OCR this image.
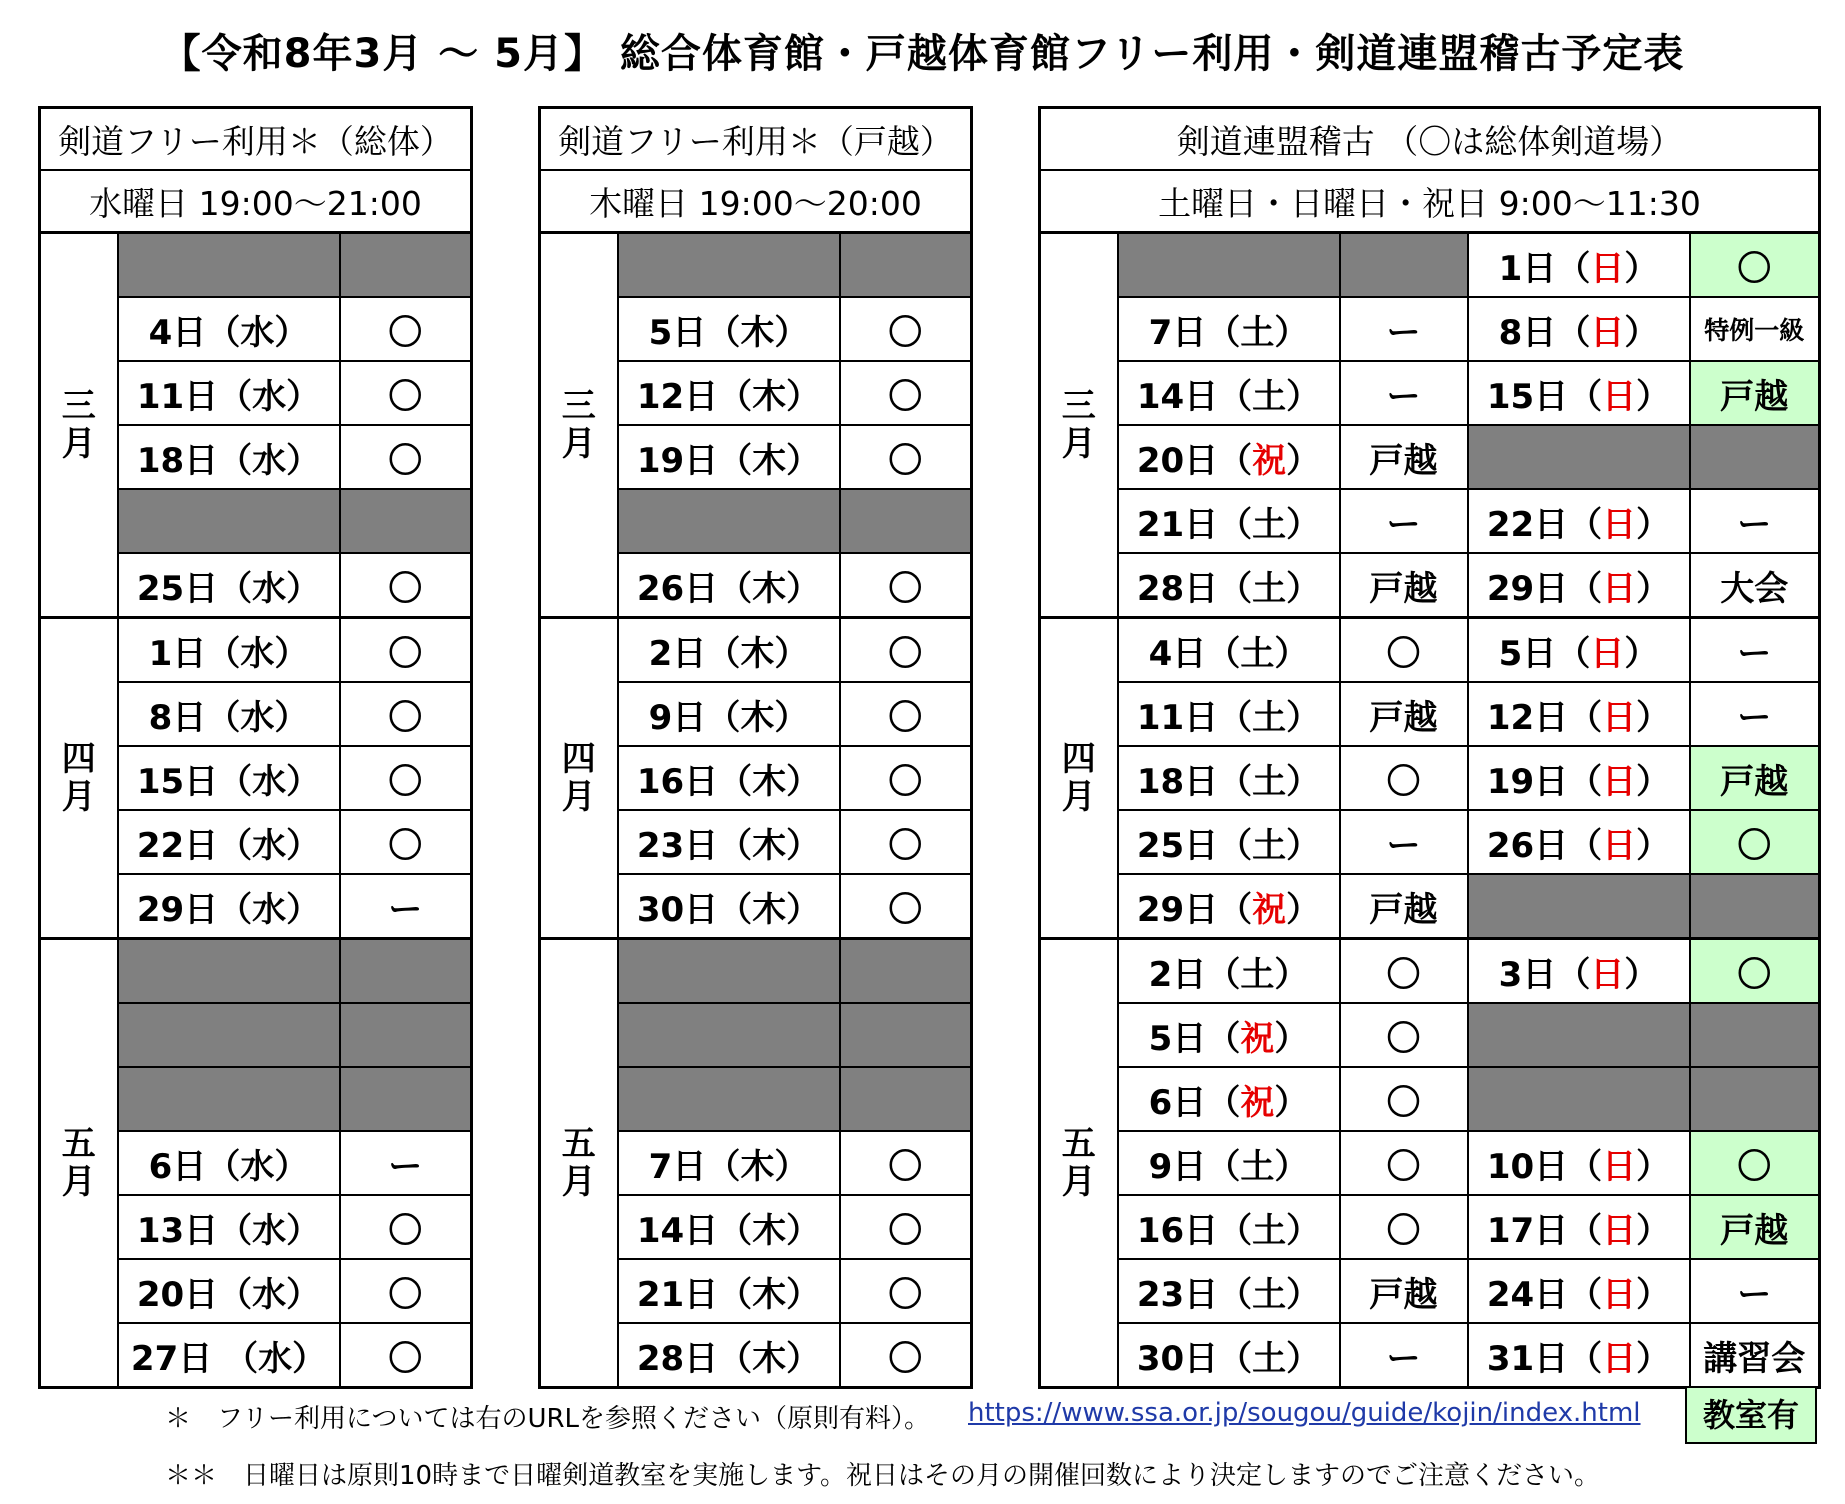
【令和8年3月 ～ 5月】 総合体育館・戸越体育館フリー利用・剣道連盟稽古予定表
剣道フリー利用＊（総体）		
水曜日 19:00～21:00		
三
月		
	4日（水）	〇
	11日（水）	〇
	18日（水）	〇

	25日（水）	〇
四
月	1日（水）	〇
	8日（水）	〇
	15日（水）	〇
	22日（水）	〇
	29日（水）	ー
五
月		

	6日（水）	ー
	13日（水）	〇
	20日（水）	〇
	27日 （水）	〇
剣道フリー利用＊（戸越）		
木曜日 19:00～20:00		
三
月		
	5日（木）	〇
	12日（木）	〇
	19日（木）	〇

	26日（木）	〇
四
月	2日（木）	〇
	9日（木）	〇
	16日（木）	〇
	23日（木）	〇
	30日（木）	〇
五
月		

	7日（木）	〇
	14日（木）	〇
	21日（木）	〇
	28日（木）	〇
剣道連盟稽古 （〇は総体剣道場）				
土曜日・日曜日・祝日 9:00～11:30				
三
月			1日（日）	〇
	7日（土）	ー	8日（日）	特例一級
	14日（土）	ー	15日（日）	戸越
	20日（祝）	戸越		
	21日（土）	ー	22日（日）	ー
	28日（土）	戸越	29日（日）	大会
四
月	4日（土）	〇	5日（日）	ー
	11日（土）	戸越	12日（日）	ー
	18日（土）	〇	19日（日）	戸越
	25日（土）	ー	26日（日）	〇
	29日（祝）	戸越		
五
月	2日（土）	〇	3日（日）	〇
	5日（祝）	〇		
	6日（祝）	〇		
	9日（土）	〇	10日（日）	〇
	16日（土）	〇	17日（日）	戸越
	23日（土）	戸越	24日（日）	ー
	30日（土）	ー	31日（日）	講習会
＊　フリー利用については右のURLを参照ください（原則有料）。 https://www.ssa.or.jp/sougou/guide/kojin/index.html	教室有
＊＊　日曜日は原則10時まで日曜剣道教室を実施します。祝日はその月の開催回数により決定しますのでご注意ください。
